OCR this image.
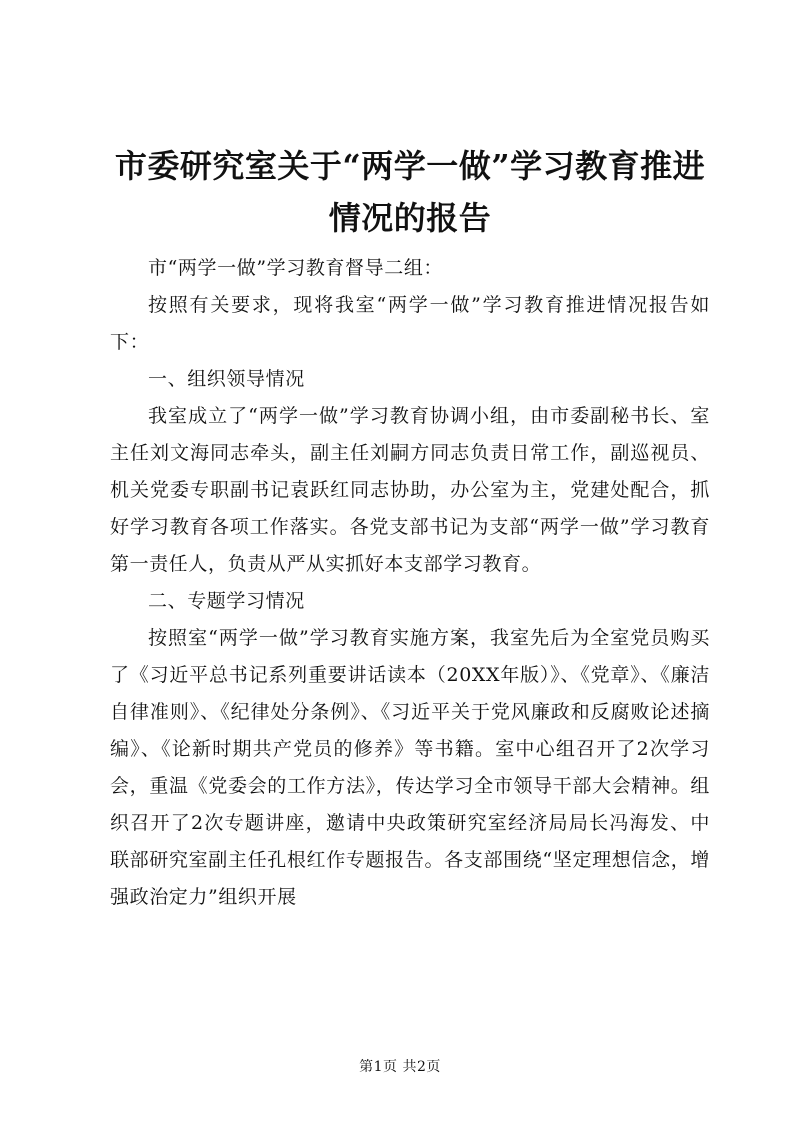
市委研究室关于“两学一做”学习教育推进情况的报告

市“两学一做”学习教育督导二组：

按照有关要求，现将我室“两学一做”学习教育推进情况报告如下：

一、组织领导情况

我室成立了“两学一做”学习教育协调小组，由市委副秘书长、室主任刘文海同志牵头，副主任刘嗣方同志负责日常工作，副巡视员、机关党委专职副书记袁跃红同志协助，办公室为主，党建处配合，抓好学习教育各项工作落实。各党支部书记为支部“两学一做”学习教育第一责任人，负责从严从实抓好本支部学习教育。

二、专题学习情况

按照室“两学一做”学习教育实施方案，我室先后为全室党员购买了《习近平总书记系列重要讲话读本（20XX年版）》、《党章》、《廉洁自律准则》、《纪律处分条例》、《习近平关于党风廉政和反腐败论述摘编》、《论新时期共产党员的修养》等书籍。室中心组召开了2次学习会，重温《党委会的工作方法》，传达学习全市领导干部大会精神。组织召开了2次专题讲座，邀请中央政策研究室经济局局长冯海发、中联部研究室副主任孔根红作专题报告。各支部围绕“坚定理想信念，增强政治定力”组织开展

第1页 共2页
